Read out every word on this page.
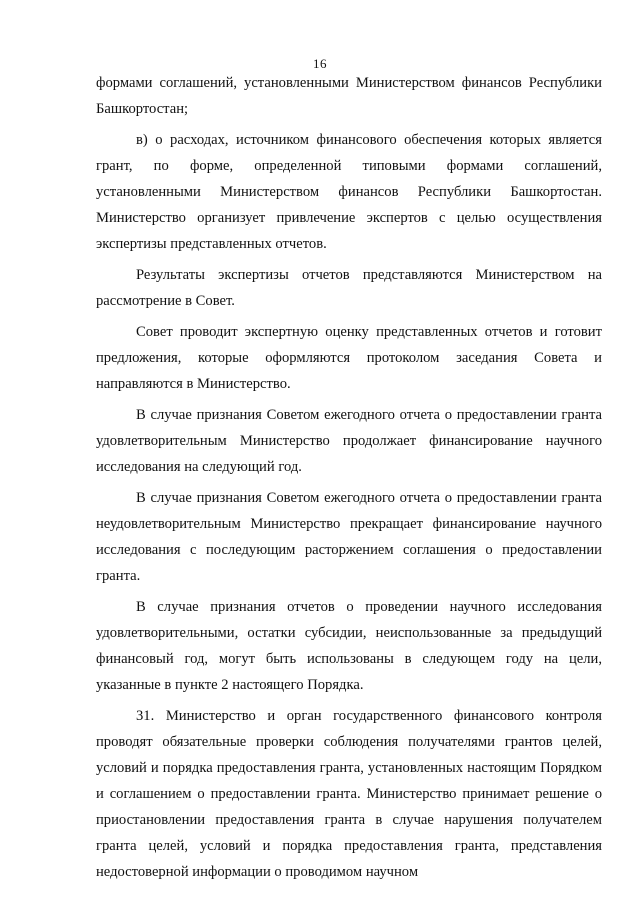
16

формами соглашений, установленными Министерством финансов Республики Башкортостан;

в) о расходах, источником финансового обеспечения которых является грант, по форме, определенной типовыми формами соглашений, установленными Министерством финансов Республики Башкортостан. Министерство организует привлечение экспертов с целью осуществления экспертизы представленных отчетов.

Результаты экспертизы отчетов представляются Министерством на рассмотрение в Совет.

Совет проводит экспертную оценку представленных отчетов и готовит предложения, которые оформляются протоколом заседания Совета и направляются в Министерство.

В случае признания Советом ежегодного отчета о предоставлении гранта удовлетворительным Министерство продолжает финансирование научного исследования на следующий год.

В случае признания Советом ежегодного отчета о предоставлении гранта неудовлетворительным Министерство прекращает финансирование научного исследования с последующим расторжением соглашения о предоставлении гранта.

В случае признания отчетов о проведении научного исследования удовлетворительными, остатки субсидии, неиспользованные за предыдущий финансовый год, могут быть использованы в следующем году на цели, указанные в пункте 2 настоящего Порядка.

31. Министерство и орган государственного финансового контроля проводят обязательные проверки соблюдения получателями грантов целей, условий и порядка предоставления гранта, установленных настоящим Порядком и соглашением о предоставлении гранта. Министерство принимает решение о приостановлении предоставления гранта в случае нарушения получателем гранта целей, условий и порядка предоставления гранта, представления недостоверной информации о проводимом научном
